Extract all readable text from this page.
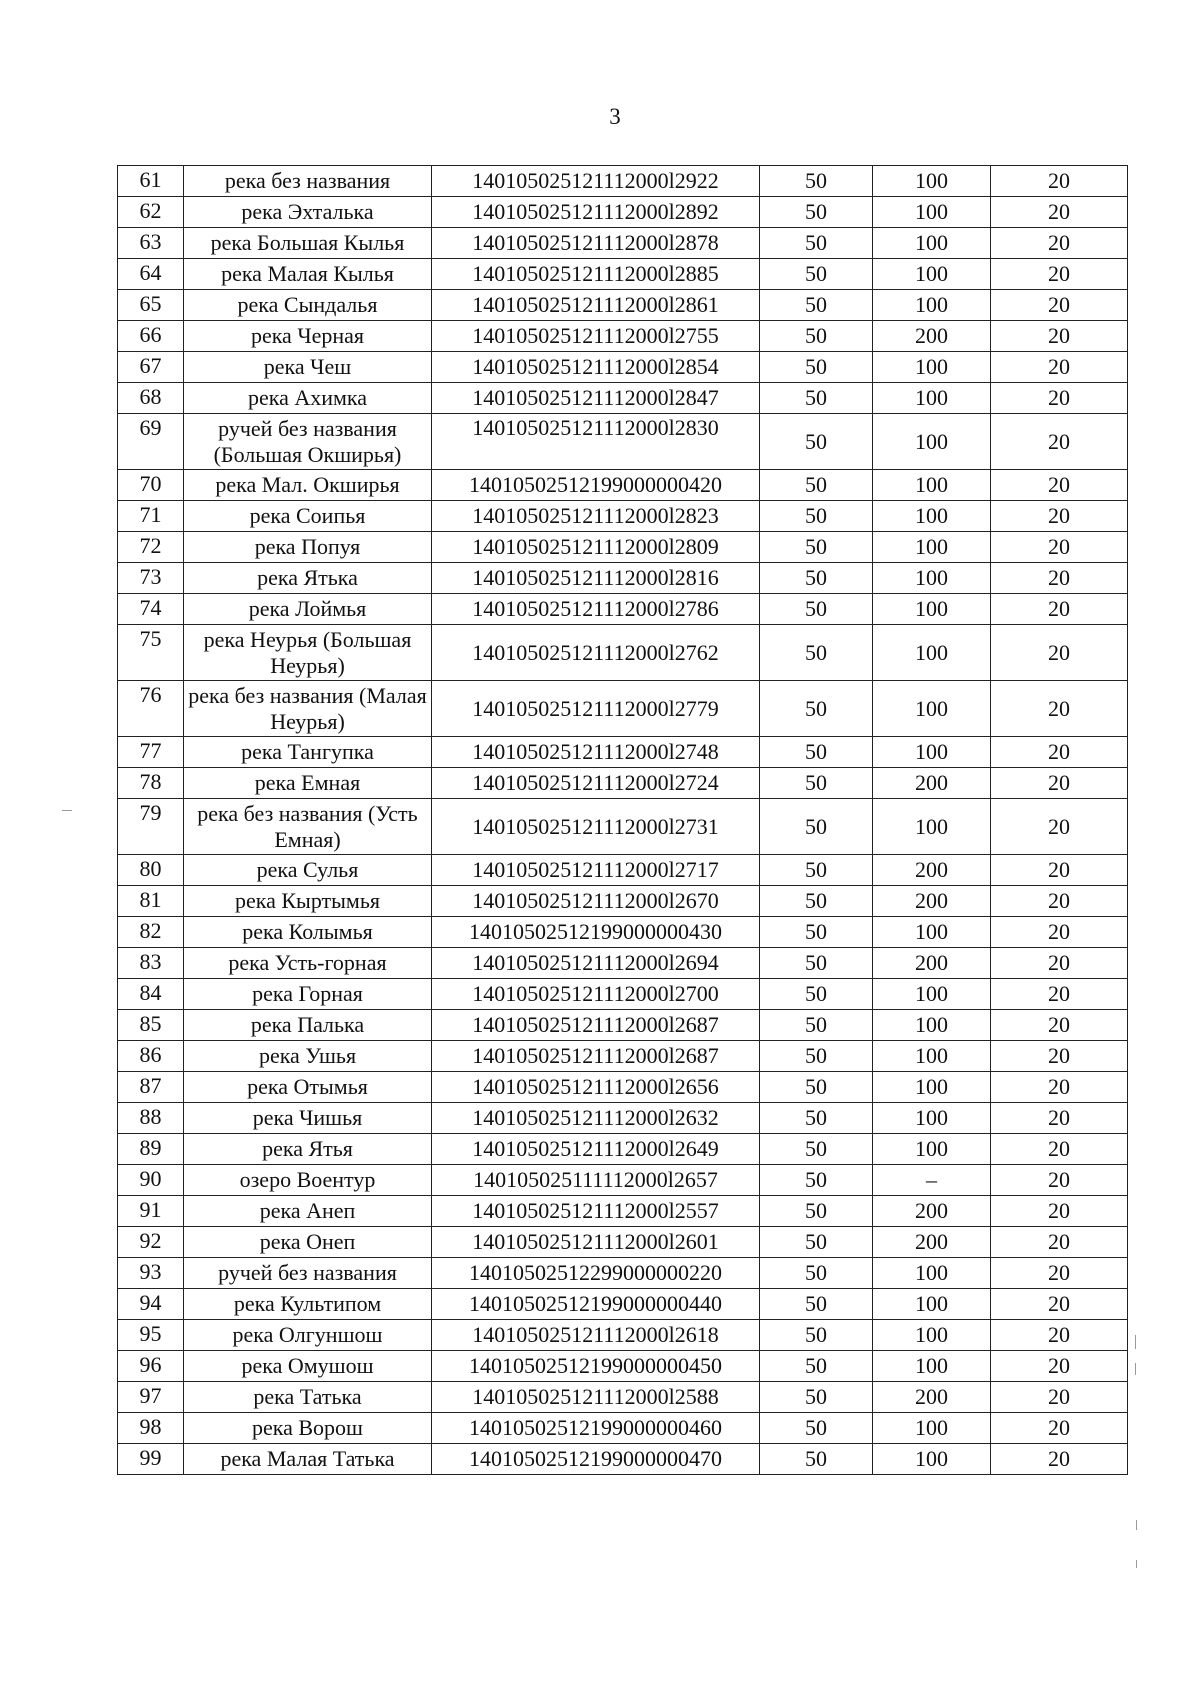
3
61	река без названия	140105025121112000l2922	50	100	20
62	река Эхталька	140105025121112000l2892	50	100	20
63	река Большая Кылья	140105025121112000l2878	50	100	20
64	река Малая Кылья	140105025121112000l2885	50	100	20
65	река Сындалья	140105025121112000l2861	50	100	20
66	река Черная	140105025121112000l2755	50	200	20
67	река Чеш	140105025121112000l2854	50	100	20
68	река Ахимка	140105025121112000l2847	50	100	20
69	ручей без названия (Большая Окширья)	140105025121112000l2830	50	100	20
70	река Мал. Окширья	14010502512199000000420	50	100	20
71	река Соипья	140105025121112000l2823	50	100	20
72	река Попуя	140105025121112000l2809	50	100	20
73	река Ятька	140105025121112000l2816	50	100	20
74	река Лоймья	140105025121112000l2786	50	100	20
75	река Неурья (Большая Неурья)	140105025121112000l2762	50	100	20
76	река без названия (Малая Неурья)	140105025121112000l2779	50	100	20
77	река Тангупка	140105025121112000l2748	50	100	20
78	река Емная	140105025121112000l2724	50	200	20
79	река без названия (Усть Емная)	140105025121112000l2731	50	100	20
80	река Сулья	140105025121112000l2717	50	200	20
81	река Кыртымья	140105025121112000l2670	50	200	20
82	река Колымья	14010502512199000000430	50	100	20
83	река Усть-горная	140105025121112000l2694	50	200	20
84	река Горная	140105025121112000l2700	50	100	20
85	река Палька	140105025121112000l2687	50	100	20
86	река Ушья	140105025121112000l2687	50	100	20
87	река Отымья	140105025121112000l2656	50	100	20
88	река Чишья	140105025121112000l2632	50	100	20
89	река Ятья	140105025121112000l2649	50	100	20
90	озеро Воентур	140105025111112000l2657	50	–	20
91	река Анеп	140105025121112000l2557	50	200	20
92	река Онеп	140105025121112000l2601	50	200	20
93	ручей без названия	14010502512299000000220	50	100	20
94	река Культипом	14010502512199000000440	50	100	20
95	река Олгуншош	140105025121112000l2618	50	100	20
96	река Омушош	14010502512199000000450	50	100	20
97	река Татька	140105025121112000l2588	50	200	20
98	река Ворош	14010502512199000000460	50	100	20
99	река Малая Татька	14010502512199000000470	50	100	20
